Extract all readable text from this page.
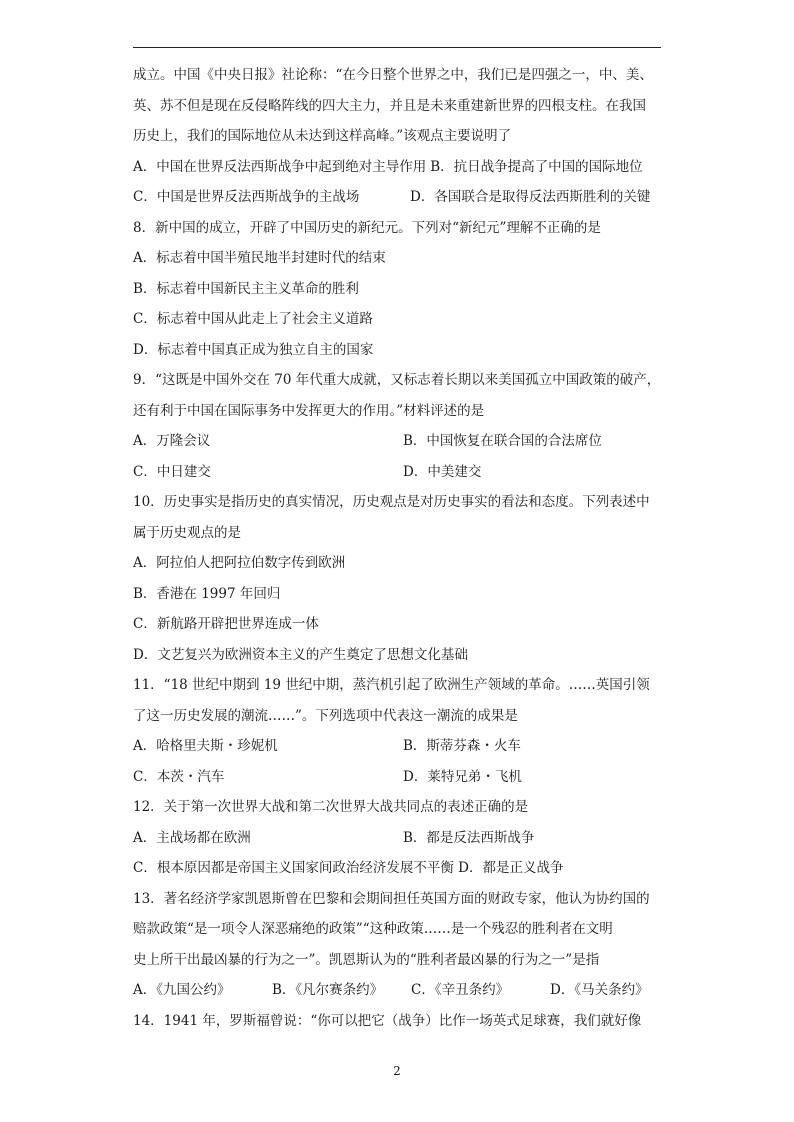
成立。中国《中央日报》社论称：“在今日整个世界之中，我们已是四强之一，中、美、
英、苏不但是现在反侵略阵线的四大主力，并且是未来重建新世界的四根支柱。在我国
历史上，我们的国际地位从未达到这样高峰。”该观点主要说明了
A．中国在世界反法西斯战争中起到绝对主导作用 B．抗日战争提高了中国的国际地位
C．中国是世界反法西斯战争的主战场	D．各国联合是取得反法西斯胜利的关键
8．新中国的成立，开辟了中国历史的新纪元。下列对“新纪元”理解不正确的是
A．标志着中国半殖民地半封建时代的结束
B．标志着中国新民主主义革命的胜利
C．标志着中国从此走上了社会主义道路
D．标志着中国真正成为独立自主的国家
9．“这既是中国外交在 70 年代重大成就，又标志着长期以来美国孤立中国政策的破产，
还有利于中国在国际事务中发挥更大的作用。”材料评述的是
A．万隆会议	B．中国恢复在联合国的合法席位
C．中日建交	D．中美建交
10．历史事实是指历史的真实情况，历史观点是对历史事实的看法和态度。下列表述中
属于历史观点的是
A．阿拉伯人把阿拉伯数字传到欧洲
B．香港在 1997 年回归
C．新航路开辟把世界连成一体
D．文艺复兴为欧洲资本主义的产生奠定了思想文化基础
11．“18 世纪中期到 19 世纪中期，蒸汽机引起了欧洲生产领域的革命。……英国引领
了这一历史发展的潮流……”。下列选项中代表这一潮流的成果是
A．哈格里夫斯・珍妮机	B．斯蒂芬森・火车
C．本茨・汽车	D．莱特兄弟・飞机
12．关于第一次世界大战和第二次世界大战共同点的表述正确的是
A．主战场都在欧洲	B．都是反法西斯战争
C．根本原因都是帝国主义国家间政治经济发展不平衡 D．都是正义战争
13．著名经济学家凯恩斯曾在巴黎和会期间担任英国方面的财政专家，他认为协约国的
赔款政策“是一项令人深恶痛绝的政策”“这种政策……是一个残忍的胜利者在文明
史上所干出最凶暴的行为之一”。凯恩斯认为的“胜利者最凶暴的行为之一”是指
A．《九国公约》	B．《凡尔赛条约》	C．《辛丑条约》	D．《马关条约》
14．1941 年，罗斯福曾说：“你可以把它（战争）比作一场英式足球赛，我们就好像
2
